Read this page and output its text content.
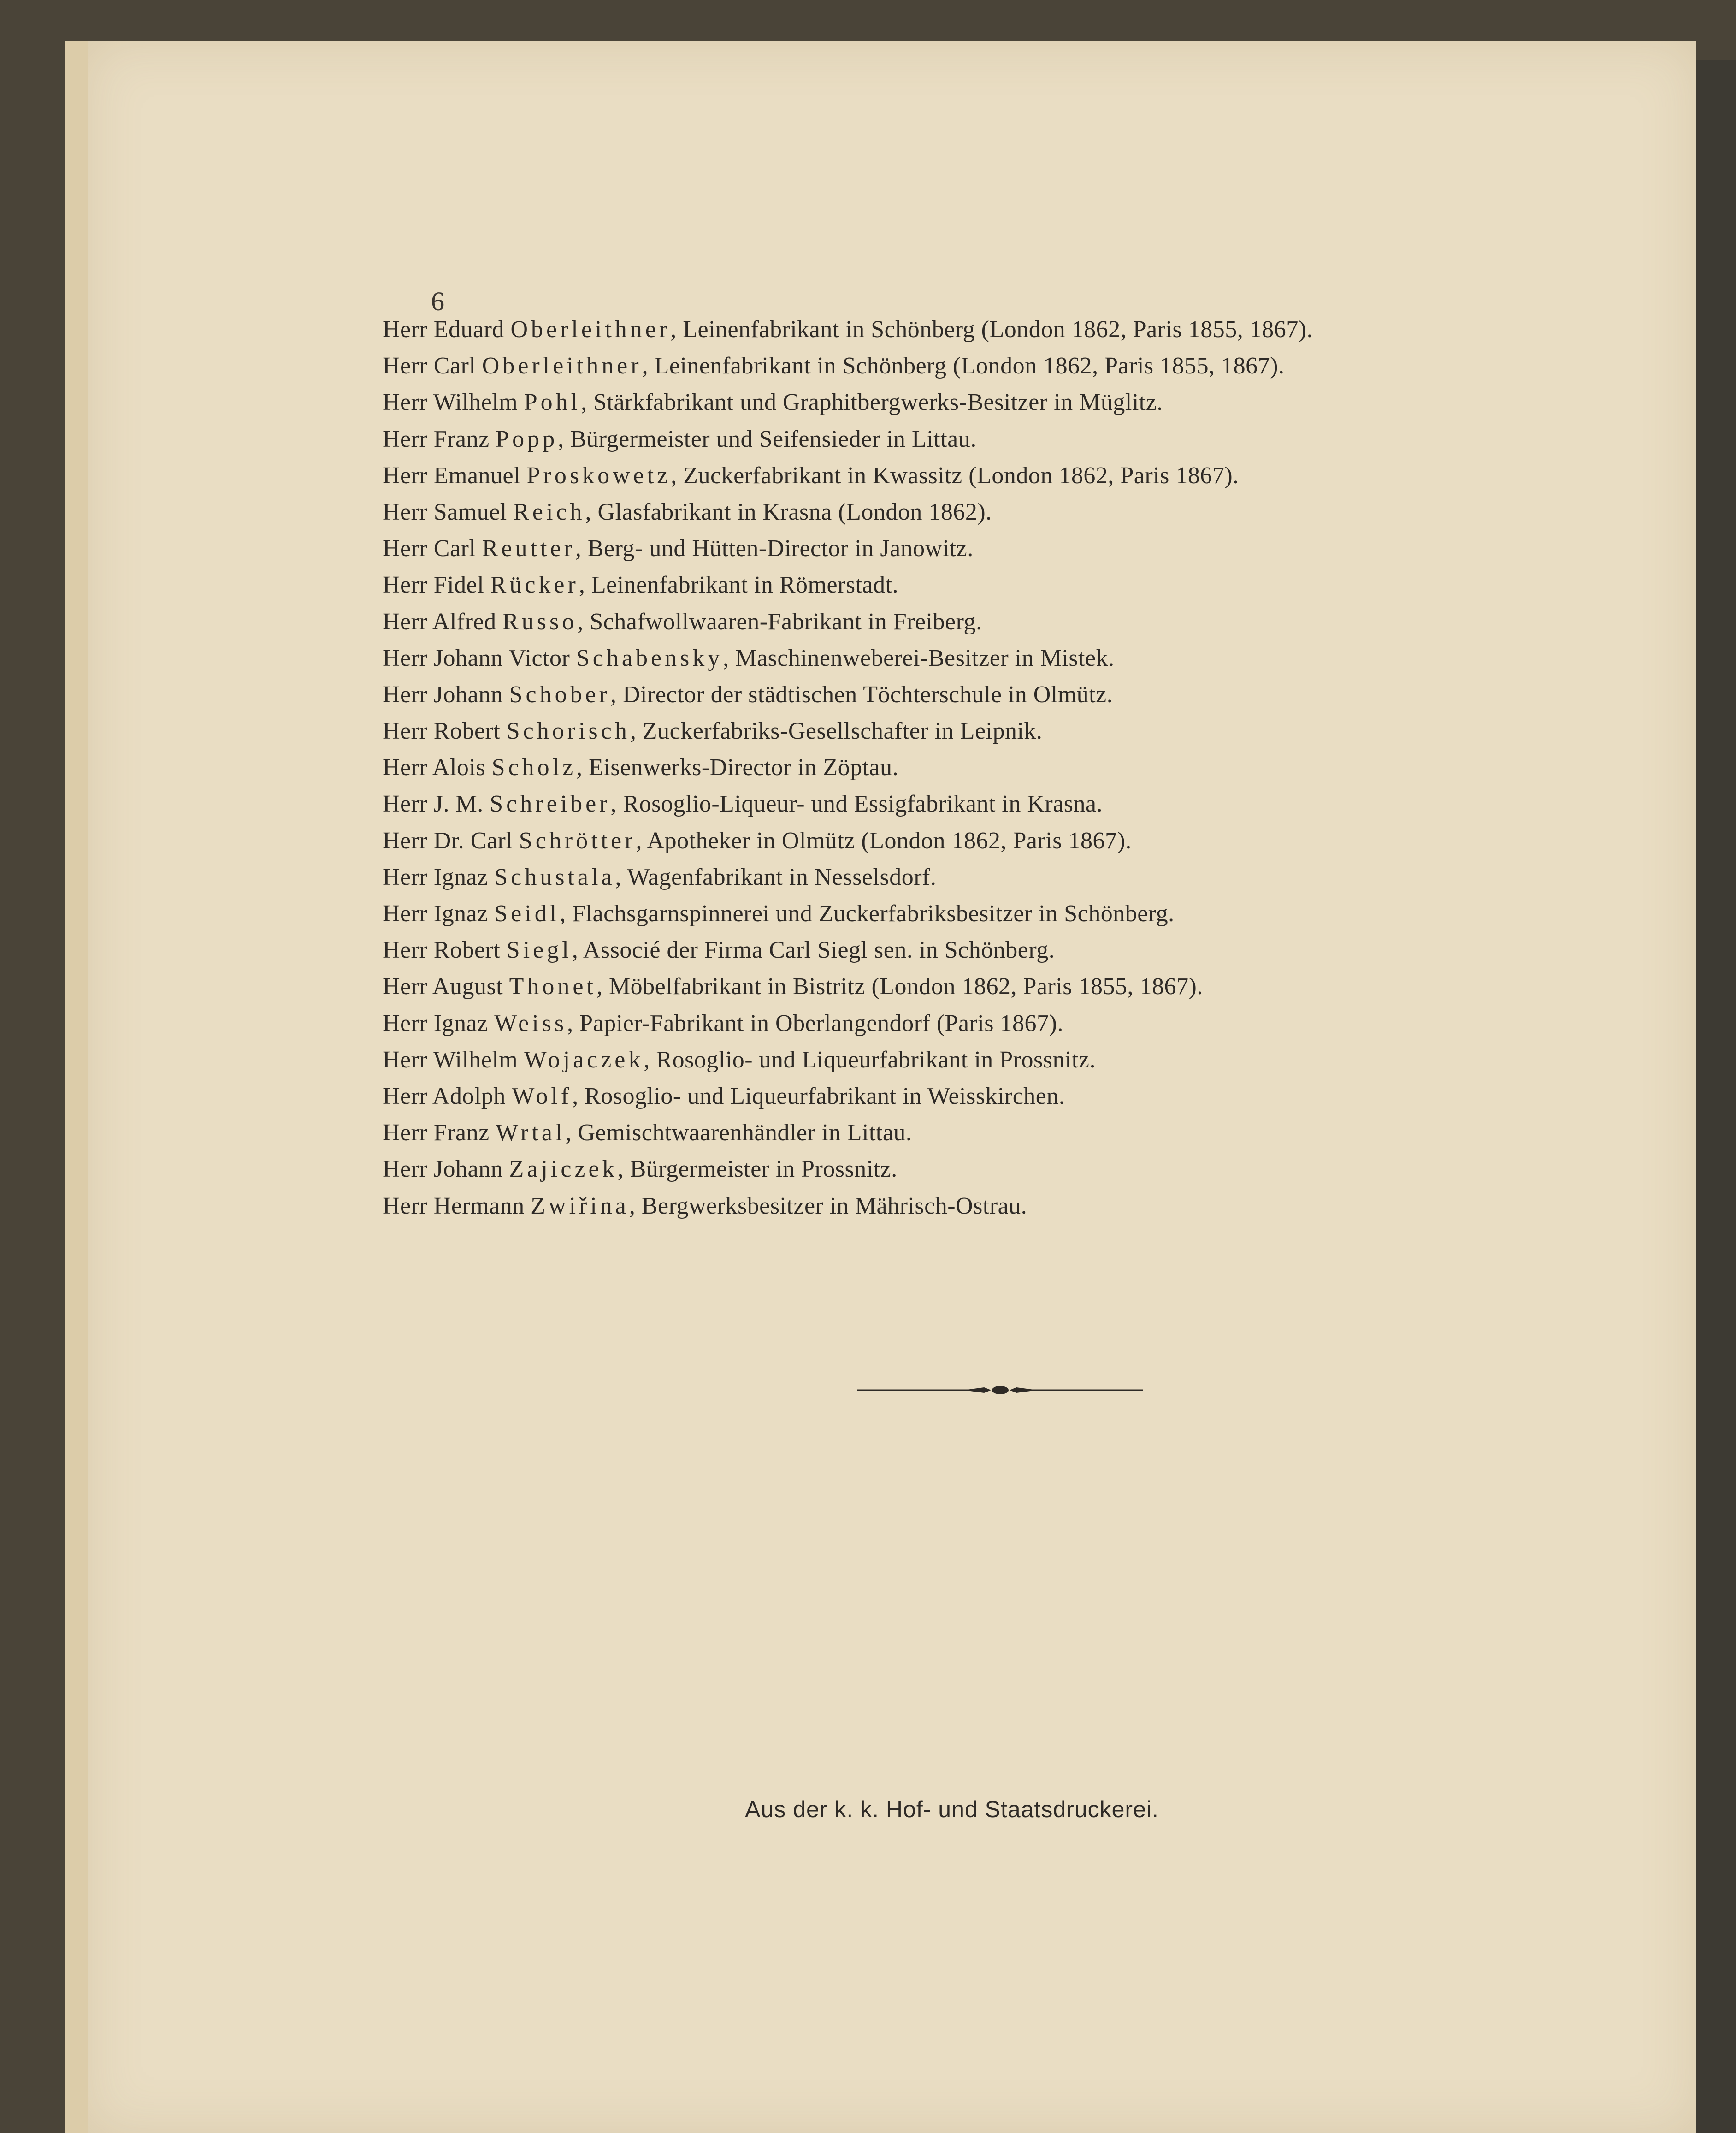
6
Herr Eduard Oberleithner, Leinenfabrikant in Schönberg (London 1862, Paris 1855, 1867).
Herr Carl Oberleithner, Leinenfabrikant in Schönberg (London 1862, Paris 1855, 1867).
Herr Wilhelm Pohl, Stärkfabrikant und Graphitbergwerks-Besitzer in Müglitz.
Herr Franz Popp, Bürgermeister und Seifensieder in Littau.
Herr Emanuel Proskowetz, Zuckerfabrikant in Kwassitz (London 1862, Paris 1867).
Herr Samuel Reich, Glasfabrikant in Krasna (London 1862).
Herr Carl Reutter, Berg- und Hütten-Director in Janowitz.
Herr Fidel Rücker, Leinenfabrikant in Römerstadt.
Herr Alfred Russo, Schafwollwaaren-Fabrikant in Freiberg.
Herr Johann Victor Schabensky, Maschinenweberei-Besitzer in Mistek.
Herr Johann Schober, Director der städtischen Töchterschule in Olmütz.
Herr Robert Schorisch, Zuckerfabriks-Gesellschafter in Leipnik.
Herr Alois Scholz, Eisenwerks-Director in Zöptau.
Herr J. M. Schreiber, Rosoglio-Liqueur- und Essigfabrikant in Krasna.
Herr Dr. Carl Schrötter, Apotheker in Olmütz (London 1862, Paris 1867).
Herr Ignaz Schustala, Wagenfabrikant in Nesselsdorf.
Herr Ignaz Seidl, Flachsgarnspinnerei und Zuckerfabriksbesitzer in Schönberg.
Herr Robert Siegl, Associé der Firma Carl Siegl sen. in Schönberg.
Herr August Thonet, Möbelfabrikant in Bistritz (London 1862, Paris 1855, 1867).
Herr Ignaz Weiss, Papier-Fabrikant in Oberlangendorf (Paris 1867).
Herr Wilhelm Wojaczek, Rosoglio- und Liqueurfabrikant in Prossnitz.
Herr Adolph Wolf, Rosoglio- und Liqueurfabrikant in Weisskirchen.
Herr Franz Wrtal, Gemischtwaarenhändler in Littau.
Herr Johann Zajiczek, Bürgermeister in Prossnitz.
Herr Hermann Zwiřina, Bergwerksbesitzer in Mährisch-Ostrau.
Aus der k. k. Hof- und Staatsdruckerei.
